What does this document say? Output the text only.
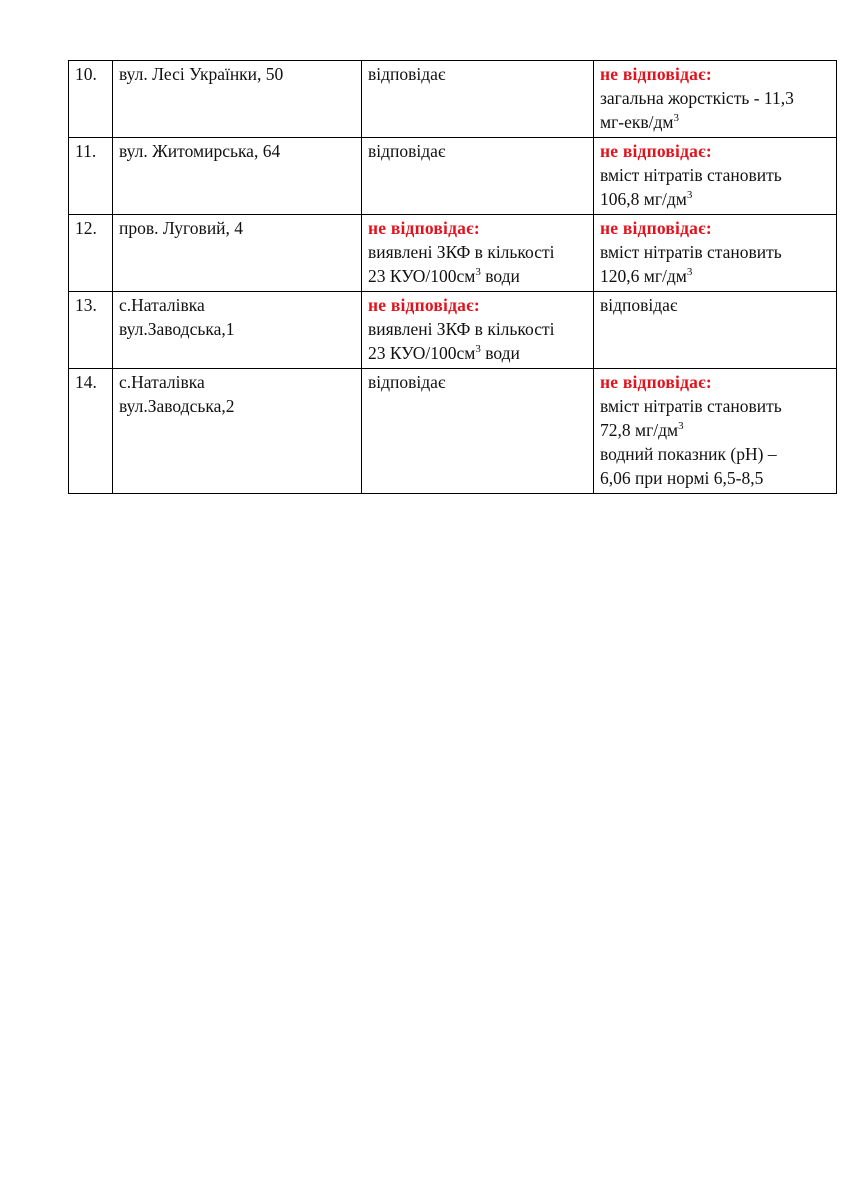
10.	вул. Лесі Українки, 50	відповідає	не відповідає:
загальна жорсткість - 11,3
$мг-екв/дм^3$

11.	вул. Житомирська, 64	відповідає	не відповідає:
вміст нітратів становить
106,8 $мг/дм^3$

12.	пров. Луговий, 4	не відповідає:
виявлені ЗКФ в кількості
23 КУО/$100см^3$ води	не відповідає:
вміст нітратів становить
120,6 $мг/дм^3$

13.	с.Наталівка
вул.Заводська,1	не відповідає:
виявлені ЗКФ в кількості
23 КУО/$100см^3$ води	відповідає

14.	с.Наталівка
вул.Заводська,2	відповідає	не відповідає:
вміст нітратів становить
72,8 $мг/дм^3$
водний показник (pH) –
6,06 при нормі 6,5-8,5
